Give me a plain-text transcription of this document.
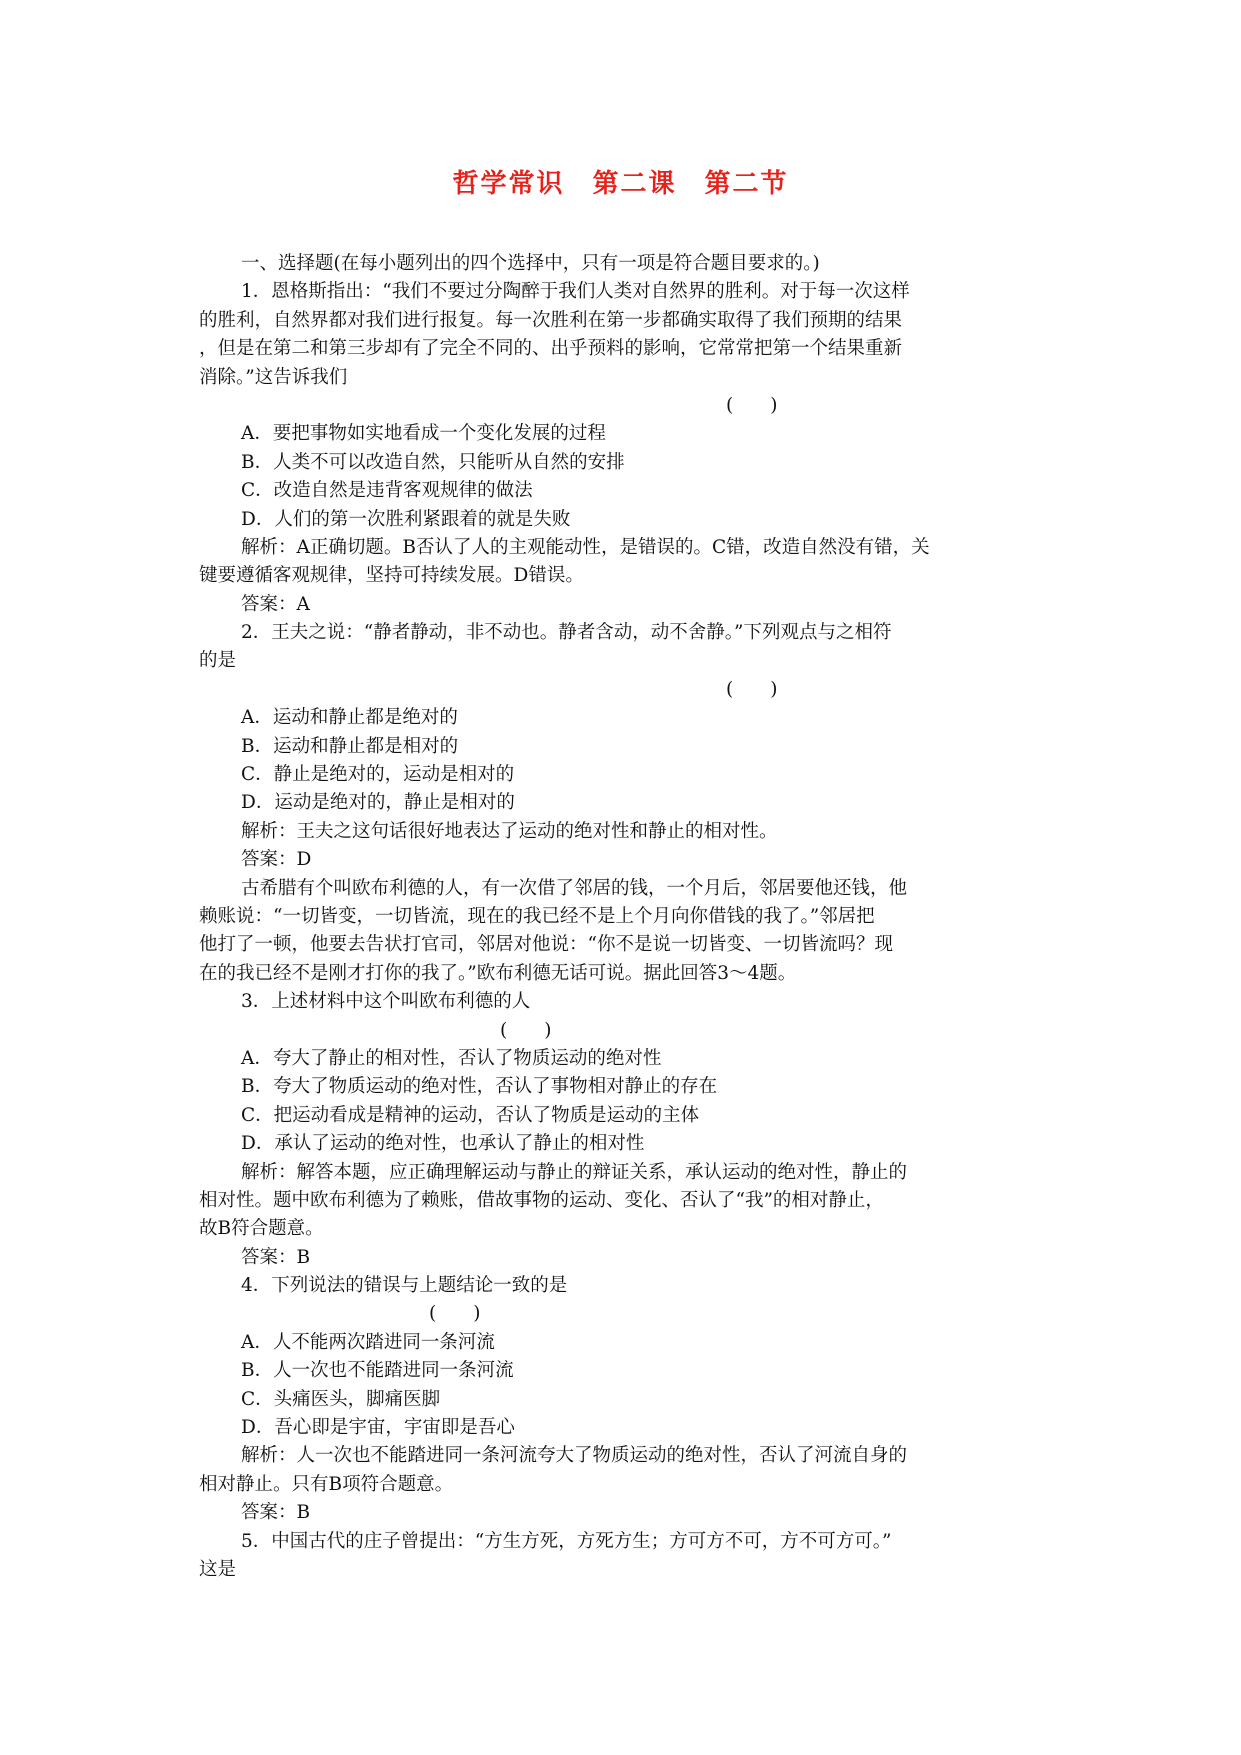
哲学常识　第二课　第二节
一、选择题(在每小题列出的四个选择中，只有一项是符合题目要求的。)
1．恩格斯指出：“我们不要过分陶醉于我们人类对自然界的胜利。对于每一次这样
的胜利，自然界都对我们进行报复。每一次胜利在第一步都确实取得了我们预期的结果
，但是在第二和第三步却有了完全不同的、出乎预料的影响，它常常把第一个结果重新
消除。”这告诉我们
(　　)
A．要把事物如实地看成一个变化发展的过程
B．人类不可以改造自然，只能听从自然的安排
C．改造自然是违背客观规律的做法
D．人们的第一次胜利紧跟着的就是失败
解析：A正确切题。B否认了人的主观能动性，是错误的。C错，改造自然没有错，关
键要遵循客观规律，坚持可持续发展。D错误。
答案：A
2．王夫之说：“静者静动，非不动也。静者含动，动不舍静。”下列观点与之相符
的是
(　　)
A．运动和静止都是绝对的
B．运动和静止都是相对的
C．静止是绝对的，运动是相对的
D．运动是绝对的，静止是相对的
解析：王夫之这句话很好地表达了运动的绝对性和静止的相对性。
答案：D
古希腊有个叫欧布利德的人，有一次借了邻居的钱，一个月后，邻居要他还钱，他
赖账说：“一切皆变，一切皆流，现在的我已经不是上个月向你借钱的我了。”邻居把
他打了一顿，他要去告状打官司，邻居对他说：“你不是说一切皆变、一切皆流吗？现
在的我已经不是刚才打你的我了。”欧布利德无话可说。据此回答3～4题。
3．上述材料中这个叫欧布利德的人
(　　)
A．夸大了静止的相对性，否认了物质运动的绝对性
B．夸大了物质运动的绝对性，否认了事物相对静止的存在
C．把运动看成是精神的运动，否认了物质是运动的主体
D．承认了运动的绝对性，也承认了静止的相对性
解析：解答本题，应正确理解运动与静止的辩证关系，承认运动的绝对性，静止的
相对性。题中欧布利德为了赖账，借故事物的运动、变化、否认了“我”的相对静止，
故B符合题意。
答案：B
4．下列说法的错误与上题结论一致的是
(　　)
A．人不能两次踏进同一条河流
B．人一次也不能踏进同一条河流
C．头痛医头，脚痛医脚
D．吾心即是宇宙，宇宙即是吾心
解析：人一次也不能踏进同一条河流夸大了物质运动的绝对性，否认了河流自身的
相对静止。只有B项符合题意。
答案：B
5．中国古代的庄子曾提出：“方生方死，方死方生；方可方不可，方不可方可。”
这是
